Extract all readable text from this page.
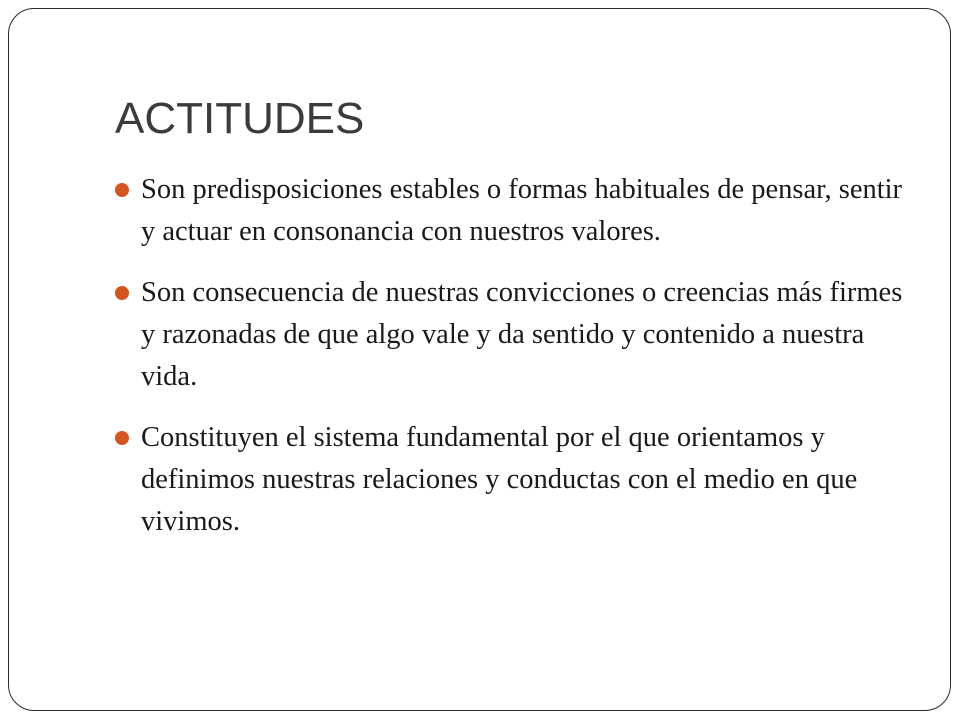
ACTITUDES
Son predisposiciones estables o formas habituales de pensar, sentir y actuar en consonancia con nuestros valores.
Son consecuencia de nuestras convicciones o creencias más firmes y razonadas de que algo vale y da sentido y contenido a nuestra vida.
Constituyen el sistema fundamental por el que orientamos y definimos nuestras relaciones y conductas con el medio en que vivimos.
